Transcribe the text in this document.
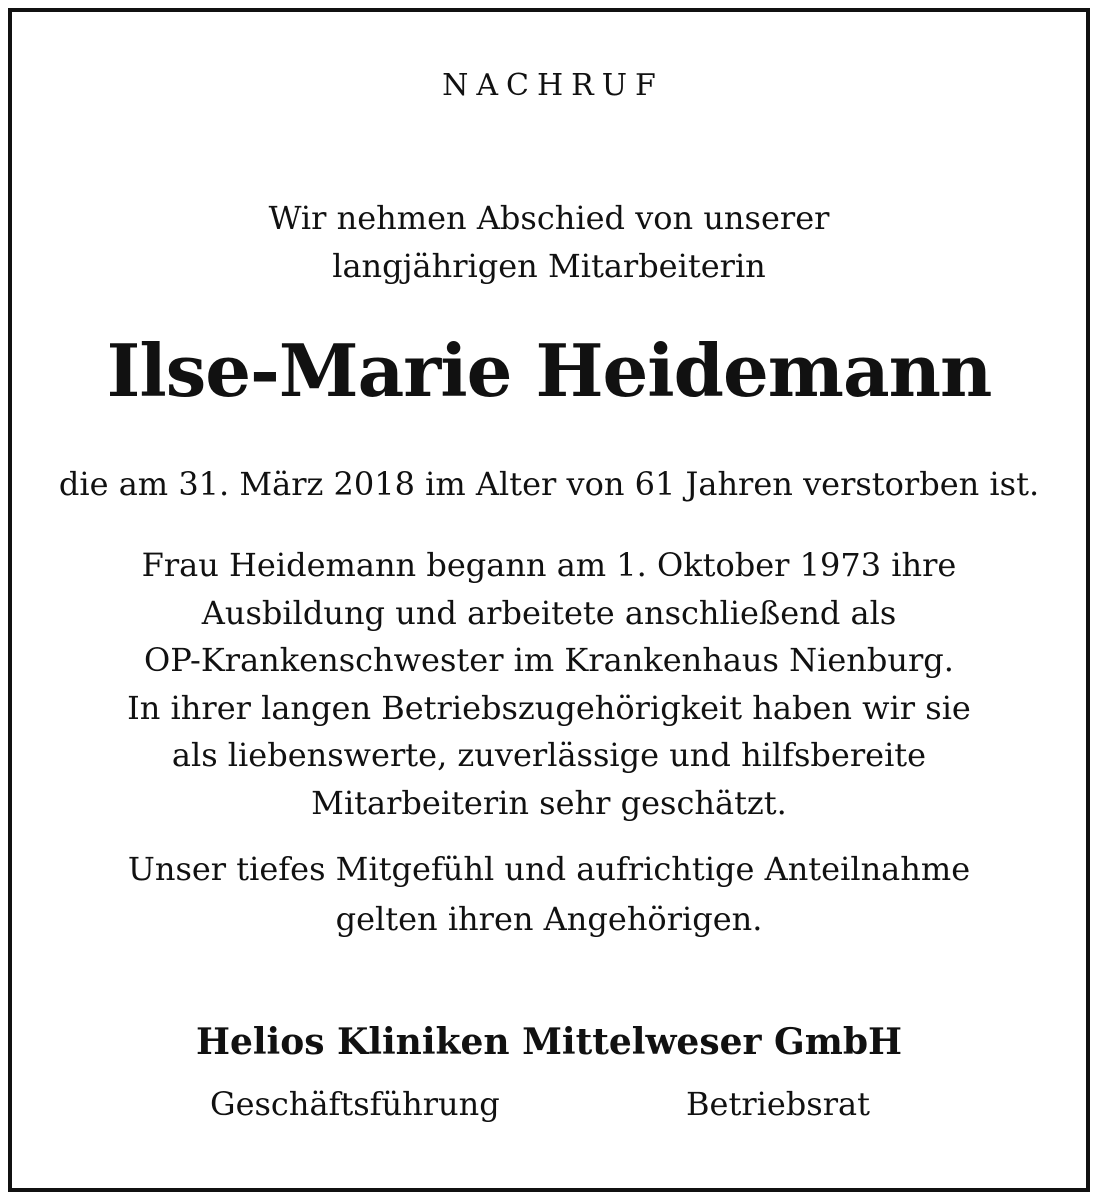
NACHRUF
Wir nehmen Abschied von unserer
langjährigen Mitarbeiterin
Ilse-Marie Heidemann
die am 31. März 2018 im Alter von 61 Jahren verstorben ist.
Frau Heidemann begann am 1. Oktober 1973 ihre
Ausbildung und arbeitete anschließend als
OP-Krankenschwester im Krankenhaus Nienburg.
In ihrer langen Betriebszugehörigkeit haben wir sie
als liebenswerte, zuverlässige und hilfsbereite
Mitarbeiterin sehr geschätzt.
Unser tiefes Mitgefühl und aufrichtige Anteilnahme
gelten ihren Angehörigen.
Helios Kliniken Mittelweser GmbH
Geschäftsführung	Betriebsrat
